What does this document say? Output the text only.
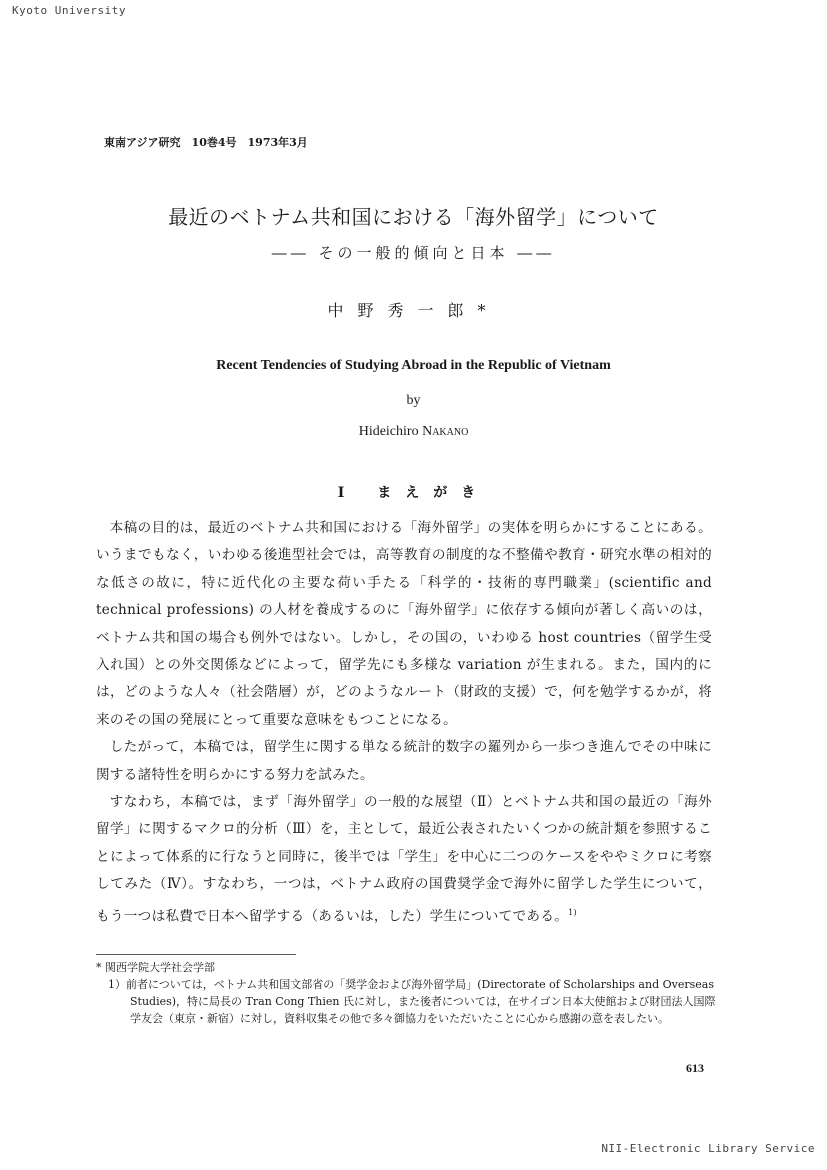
Kyoto University
東南アジア研究　10巻4号　1973年3月
最近のベトナム共和国における「海外留学」について
―― その一般的傾向と日本 ――
中野秀一郎*
Recent Tendencies of Studying Abroad in the Republic of Vietnam
by
Hideichiro Nakano
Ⅰ まえがき

本稿の目的は，最近のベトナム共和国における「海外留学」の実体を明らかにすることにある。いうまでもなく，いわゆる後進型社会では，高等教育の制度的な不整備や教育・研究水準の相対的な低さの故に，特に近代化の主要な荷い手たる「科学的・技術的専門職業」(scientific and technical professions) の人材を養成するのに「海外留学」に依存する傾向が著しく高いのは，ベトナム共和国の場合も例外ではない。しかし，その国の，いわゆる host countries（留学生受入れ国）との外交関係などによって，留学先にも多様な variation が生まれる。また，国内的には，どのような人々（社会階層）が，どのようなルート（財政的支援）で，何を勉学するかが，将来のその国の発展にとって重要な意味をもつことになる。

したがって，本稿では，留学生に関する単なる統計的数字の羅列から一歩つき進んでその中味に関する諸特性を明らかにする努力を試みた。

すなわち，本稿では，まず「海外留学」の一般的な展望（Ⅱ）とベトナム共和国の最近の「海外留学」に関するマクロ的分析（Ⅲ）を，主として，最近公表されたいくつかの統計類を参照することによって体系的に行なうと同時に，後半では「学生」を中心に二つのケースをややミクロに考察してみた（Ⅳ）。すなわち，一つは，ベトナム政府の国費奨学金で海外に留学した学生について，もう一つは私費で日本へ留学する（あるいは，した）学生についてである。$^{1)}$

* 関西学院大学社会学部

1）前者については，ベトナム共和国文部省の「奨学金および海外留学局」(Directorate of Scholarships and Overseas Studies)，特に局長の Tran Cong Thien 氏に対し，また後者については，在サイゴン日本大使館および財団法人国際学友会（東京・新宿）に対し，資料収集その他で多々御協力をいただいたことに心から感謝の意を表したい。

613
NII-Electronic Library Service
